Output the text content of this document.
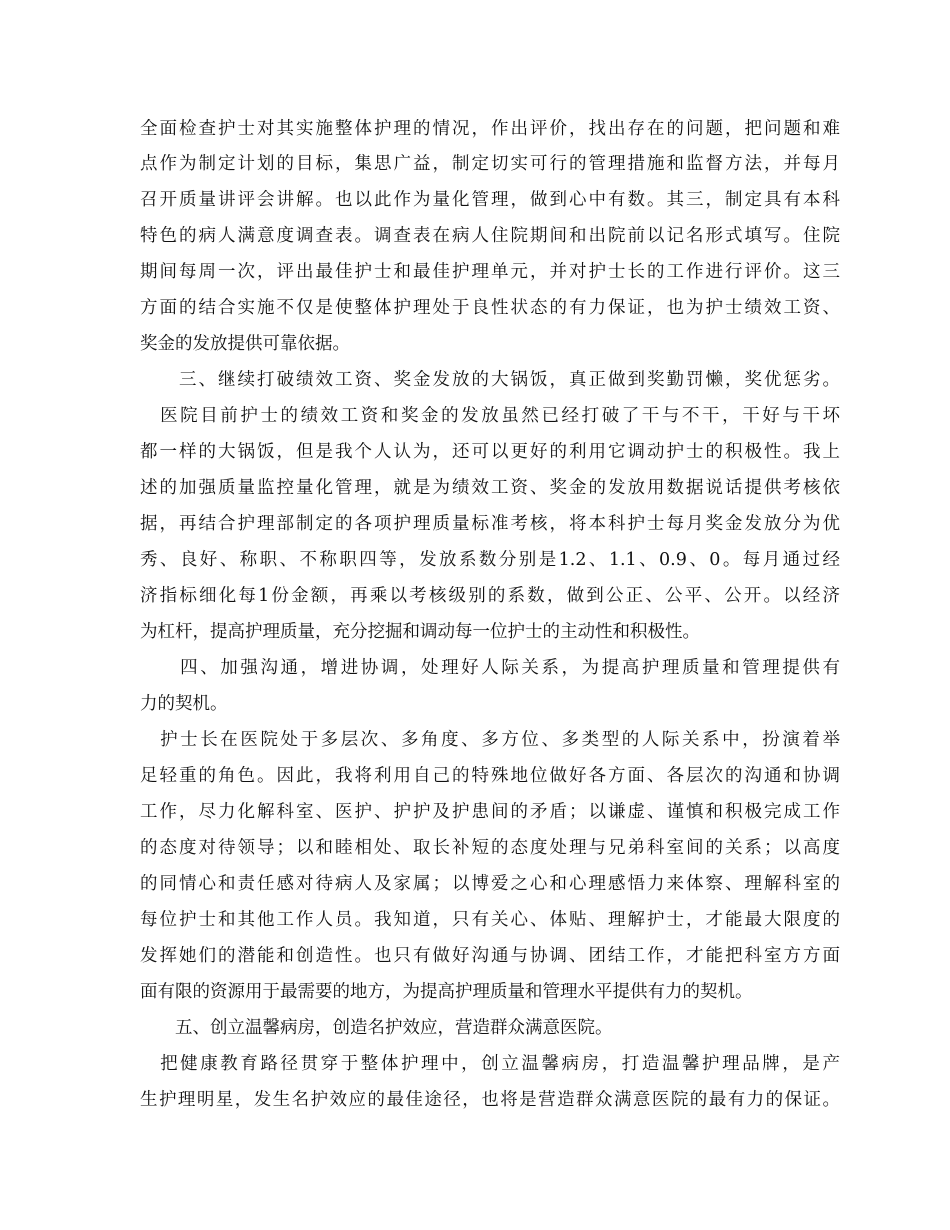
全面检查护士对其实施整体护理的情况，作出评价，找出存在的问题，把问题和难
点作为制定计划的目标，集思广益，制定切实可行的管理措施和监督方法，并每月
召开质量讲评会讲解。也以此作为量化管理，做到心中有数。其三，制定具有本科
特色的病人满意度调查表。调查表在病人住院期间和出院前以记名形式填写。住院
期间每周一次，评出最佳护士和最佳护理单元，并对护士长的工作进行评价。这三
方面的结合实施不仅是使整体护理处于良性状态的有力保证，也为护士绩效工资、
奖金的发放提供可靠依据。
　　三、继续打破绩效工资、奖金发放的大锅饭，真正做到奖勤罚懒，奖优惩劣。
　医院目前护士的绩效工资和奖金的发放虽然已经打破了干与不干，干好与干坏
都一样的大锅饭，但是我个人认为，还可以更好的利用它调动护士的积极性。我上
述的加强质量监控量化管理，就是为绩效工资、奖金的发放用数据说话提供考核依
据，再结合护理部制定的各项护理质量标准考核，将本科护士每月奖金发放分为优
秀、良好、称职、不称职四等，发放系数分别是1.2、1.1、0.9、0。每月通过经
济指标细化每1份金额，再乘以考核级别的系数，做到公正、公平、公开。以经济
为杠杆，提高护理质量，充分挖掘和调动每一位护士的主动性和积极性。
　　四、加强沟通，增进协调，处理好人际关系，为提高护理质量和管理提供有
力的契机。
　护士长在医院处于多层次、多角度、多方位、多类型的人际关系中，扮演着举
足轻重的角色。因此，我将利用自己的特殊地位做好各方面、各层次的沟通和协调
工作，尽力化解科室、医护、护护及护患间的矛盾；以谦虚、谨慎和积极完成工作
的态度对待领导；以和睦相处、取长补短的态度处理与兄弟科室间的关系；以高度
的同情心和责任感对待病人及家属；以博爱之心和心理感悟力来体察、理解科室的
每位护士和其他工作人员。我知道，只有关心、体贴、理解护士，才能最大限度的
发挥她们的潜能和创造性。也只有做好沟通与协调、团结工作，才能把科室方方面
面有限的资源用于最需要的地方，为提高护理质量和管理水平提供有力的契机。
　　五、创立温馨病房，创造名护效应，营造群众满意医院。
　把健康教育路径贯穿于整体护理中，创立温馨病房，打造温馨护理品牌，是产
生护理明星，发生名护效应的最佳途径，也将是营造群众满意医院的最有力的保证。
